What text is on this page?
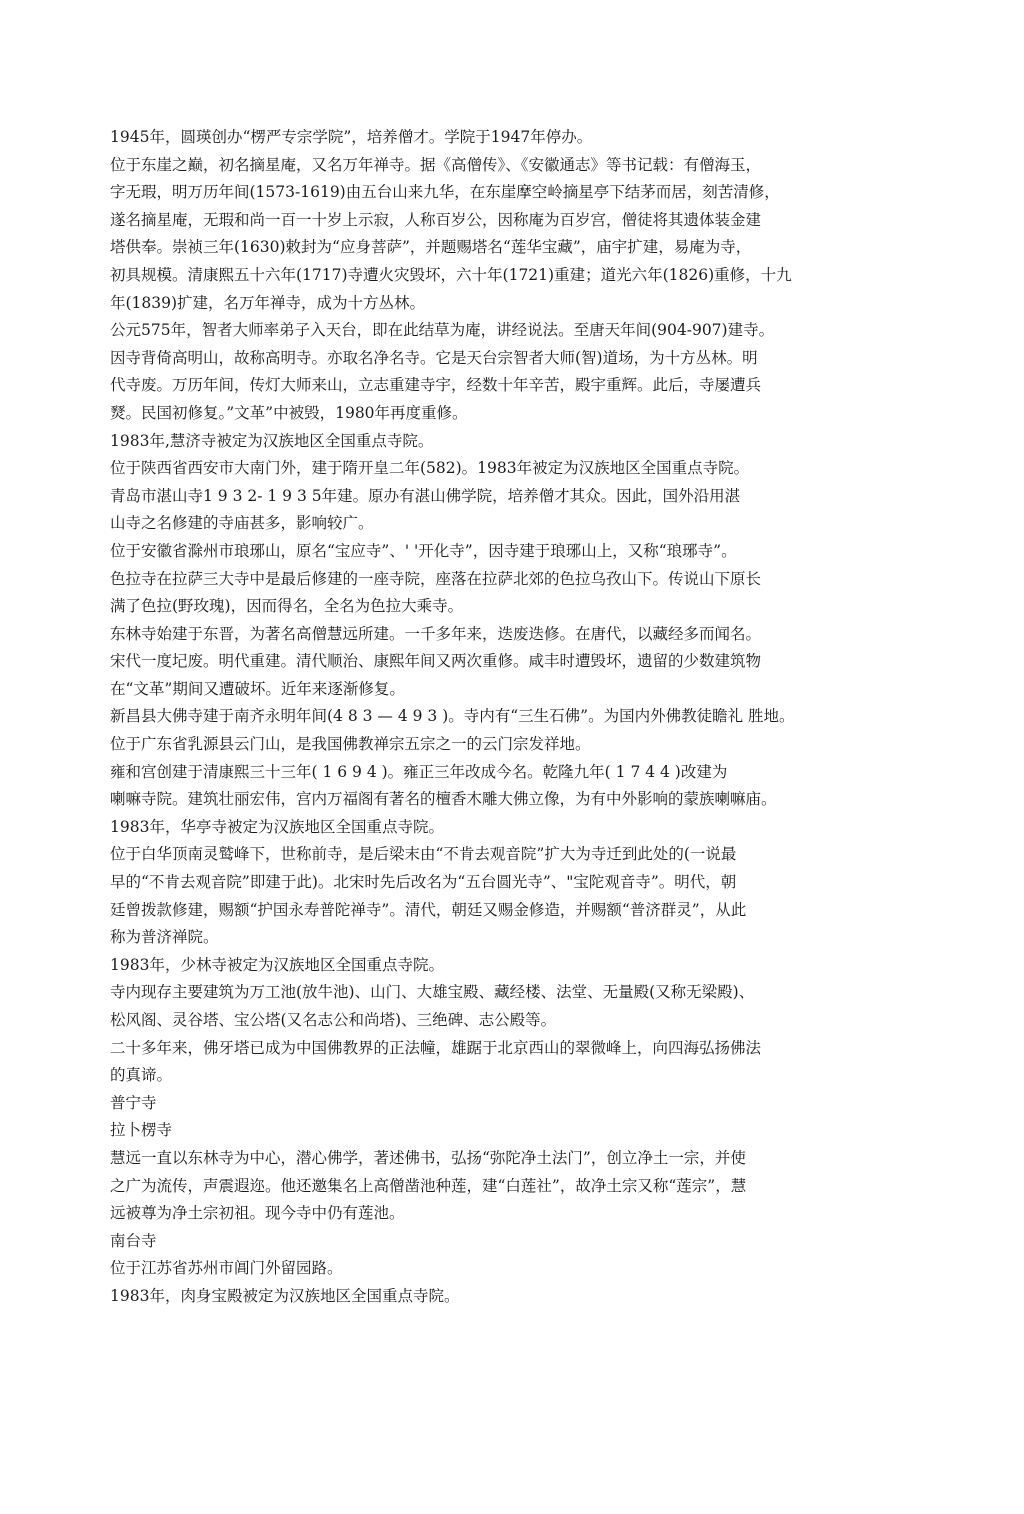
1945年，圆瑛创办“楞严专宗学院”，培养僧才。学院于1947年停办。

位于东崖之巅，初名摘星庵，又名万年禅寺。据《高僧传》、《安徽通志》等书记载：有僧海玉，

字无瑕，明万历年间(1573-1619)由五台山来九华，在东崖摩空岭摘星亭下结茅而居，刻苦清修，

遂名摘星庵，无瑕和尚一百一十岁上示寂，人称百岁公，因称庵为百岁宫，僧徒将其遗体装金建

塔供奉。崇祯三年(1630)敕封为“应身菩萨”，并题赐塔名“莲华宝藏”，庙宇扩建，易庵为寺，

初具规模。清康熙五十六年(1717)寺遭火灾毁坏，六十年(1721)重建；道光六年(1826)重修，十九

年(1839)扩建，名万年禅寺，成为十方丛林。

公元575年，智者大师率弟子入天台，即在此结草为庵，讲经说法。至唐天年间(904-907)建寺。

因寺背倚高明山，故称高明寺。亦取名净名寺。它是天台宗智者大师(智)道场，为十方丛林。明

代寺废。万历年间，传灯大师来山，立志重建寺宇，经数十年辛苦，殿宇重辉。此后，寺屡遭兵

燹。民国初修复。”文革”中被毁，1980年再度重修。

1983年,慧济寺被定为汉族地区全国重点寺院。

位于陕西省西安市大南门外，建于隋开皇二年(582)。1983年被定为汉族地区全国重点寺院。

青岛市湛山寺1 9 3 2- 1 9 3 5年建。原办有湛山佛学院，培养僧才其众。因此，国外沿用湛

山寺之名修建的寺庙甚多，影响较广。

位于安徽省滁州市琅琊山，原名“宝应寺”、' '开化寺”，因寺建于琅琊山上，又称“琅琊寺”。

色拉寺在拉萨三大寺中是最后修建的一座寺院，座落在拉萨北郊的色拉乌孜山下。传说山下原长

满了色拉(野玫瑰)，因而得名，全名为色拉大乘寺。

东林寺始建于东晋，为著名高僧慧远所建。一千多年来，迭废迭修。在唐代，以藏经多而闻名。

宋代一度圮废。明代重建。清代顺治、康熙年间又两次重修。咸丰时遭毁坏，遗留的少数建筑物

在“文革”期间又遭破坏。近年来逐渐修复。

新昌县大佛寺建于南齐永明年间(4 8 3 — 4 9 3 )。寺内有“三生石佛”。为国内外佛教徒瞻礼 胜地。

位于广东省乳源县云门山，是我国佛教禅宗五宗之一的云门宗发祥地。

雍和宫创建于清康熙三十三年( 1 6 9 4 )。雍正三年改成今名。乾隆九年( 1 7 4 4 )改建为

喇嘛寺院。建筑壮丽宏伟，宫内万福阁有著名的檀香木雕大佛立像，为有中外影响的蒙族喇嘛庙。

1983年，华亭寺被定为汉族地区全国重点寺院。

位于白华顶南灵鹫峰下，世称前寺，是后梁末由“不肯去观音院”扩大为寺迁到此处的(一说最

早的“不肯去观音院”即建于此)。北宋时先后改名为“五台圆光寺”、"宝陀观音寺”。明代，朝

廷曾拨款修建，赐额“护国永寿普陀禅寺”。清代，朝廷又赐金修造，并赐额“普济群灵”，从此

称为普济禅院。

1983年，少林寺被定为汉族地区全国重点寺院。

寺内现存主要建筑为万工池(放牛池)、山门、大雄宝殿、藏经楼、法堂、无量殿(又称无梁殿)、

松风阁、灵谷塔、宝公塔(又名志公和尚塔)、三绝碑、志公殿等。

二十多年来，佛牙塔已成为中国佛教界的正法幢，雄踞于北京西山的翠微峰上，向四海弘扬佛法

的真谛。

普宁寺

拉卜楞寺

慧远一直以东林寺为中心，潜心佛学，著述佛书，弘扬“弥陀净土法门”，创立净土一宗，并使

之广为流传，声震遐迩。他还邀集名上高僧凿池种莲，建“白莲社”，故净土宗又称“莲宗”，慧

远被尊为净土宗初祖。现今寺中仍有莲池。

南台寺

位于江苏省苏州市阊门外留园路。

1983年，肉身宝殿被定为汉族地区全国重点寺院。
